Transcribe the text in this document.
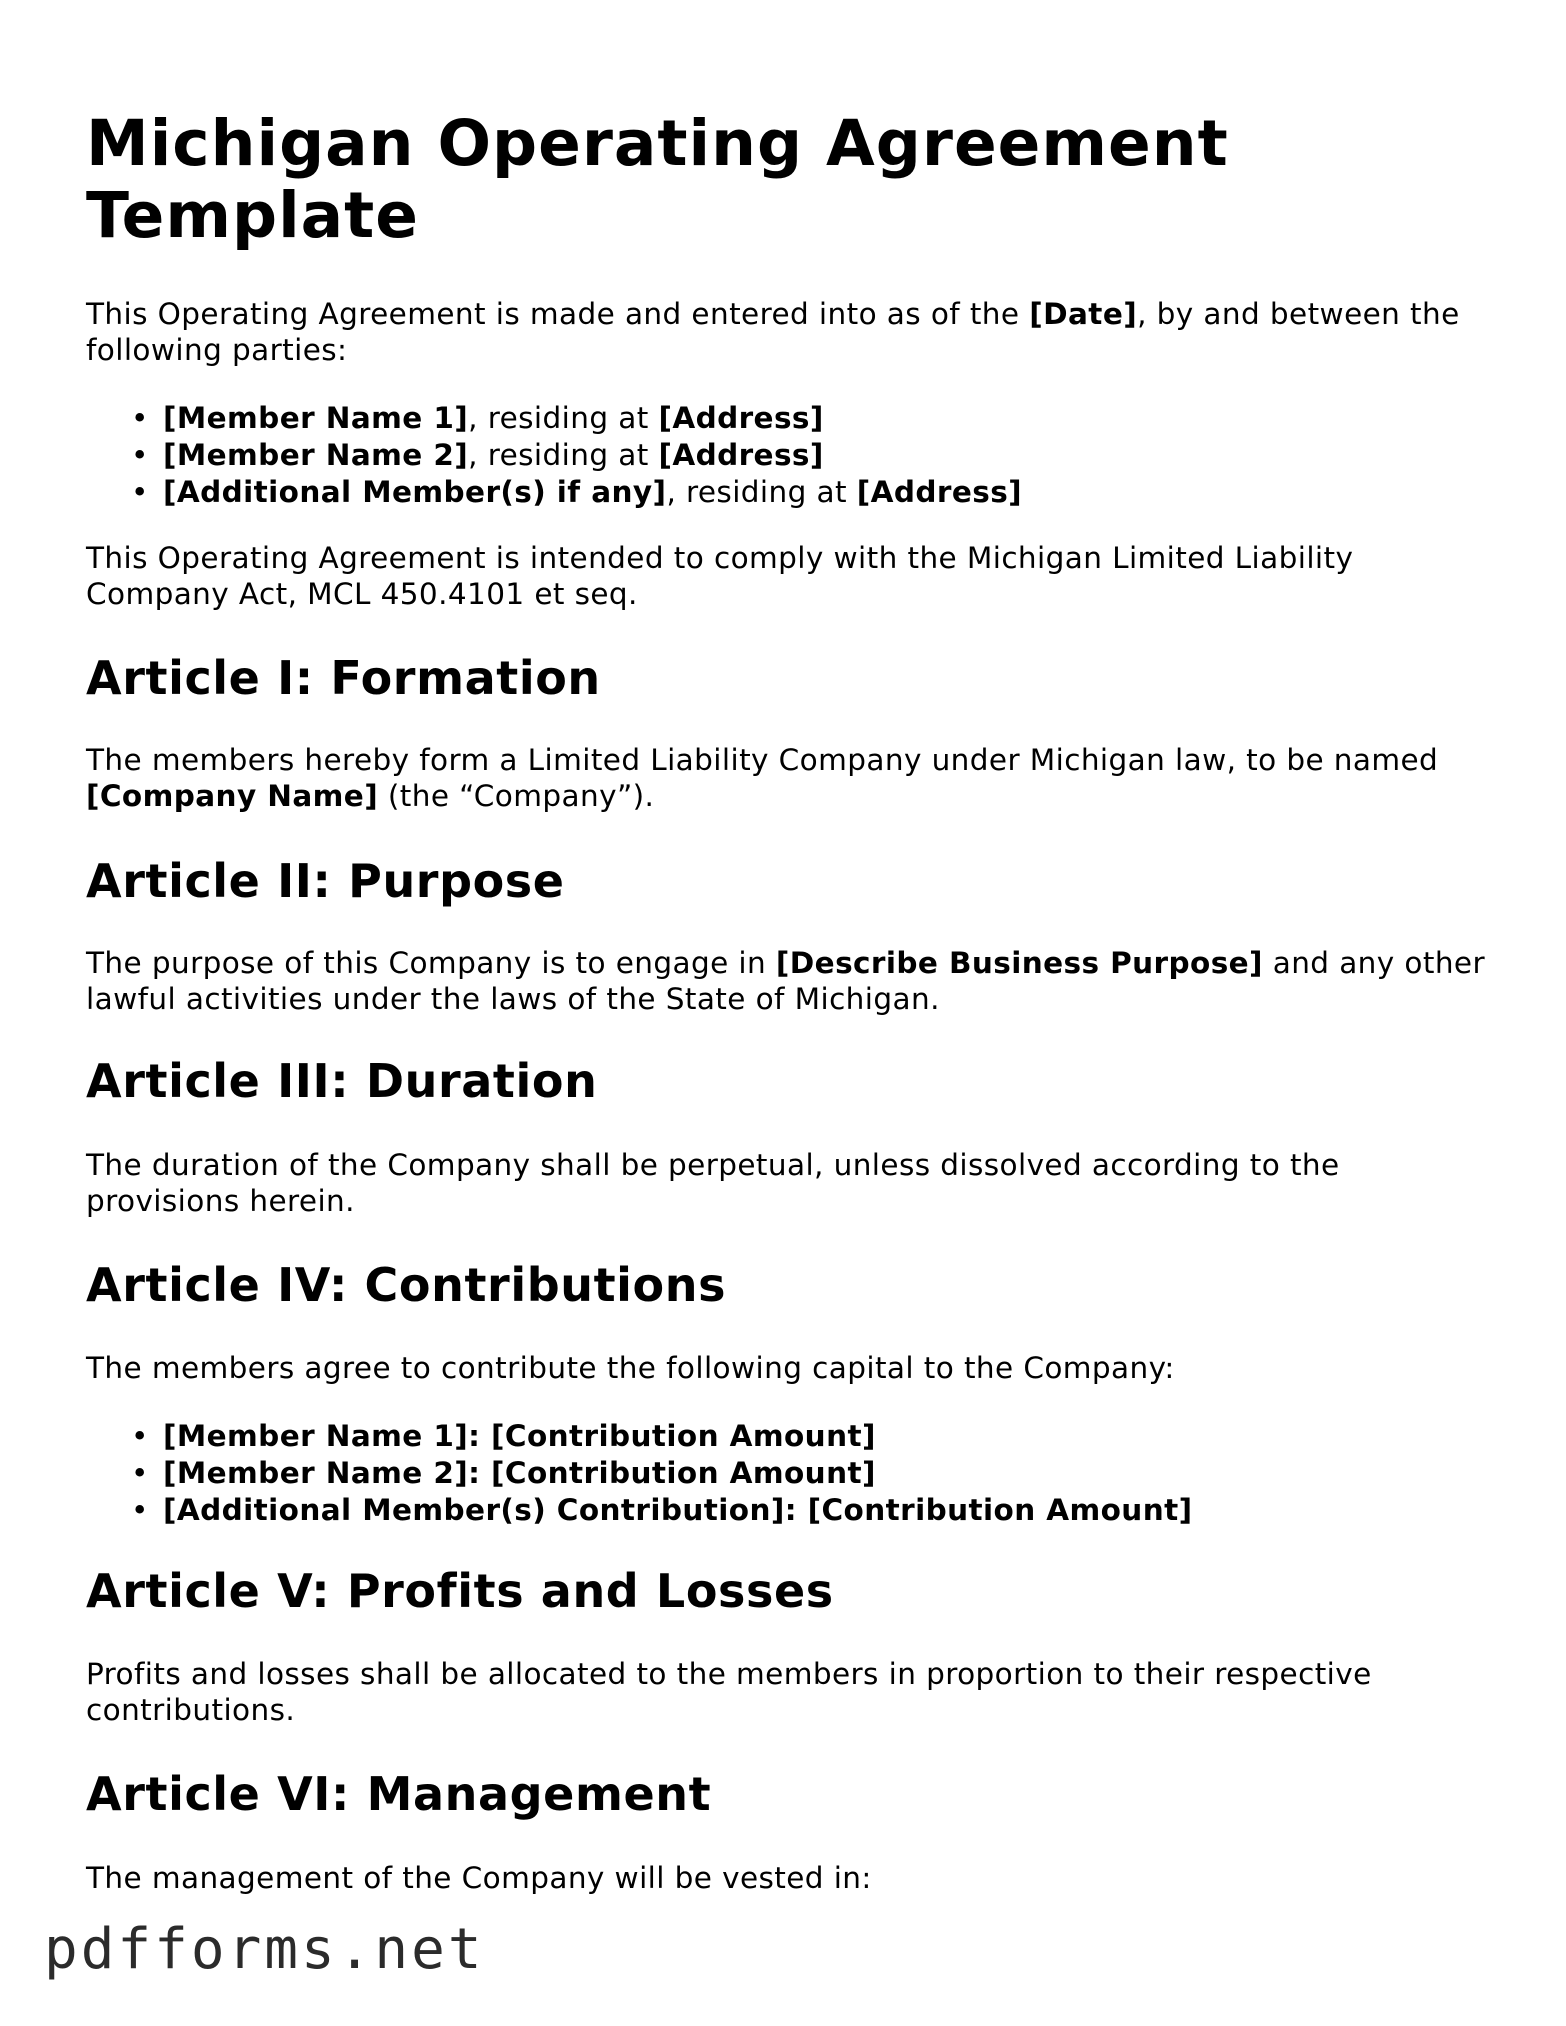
Michigan Operating Agreement Template

This Operating Agreement is made and entered into as of the [Date], by and between the following parties:

• [Member Name 1], residing at [Address]
• [Member Name 2], residing at [Address]
• [Additional Member(s) if any], residing at [Address]

This Operating Agreement is intended to comply with the Michigan Limited Liability Company Act, MCL 450.4101 et seq.

Article I: Formation

The members hereby form a Limited Liability Company under Michigan law, to be named [Company Name] (the “Company”).

Article II: Purpose

The purpose of this Company is to engage in [Describe Business Purpose] and any other lawful activities under the laws of the State of Michigan.

Article III: Duration

The duration of the Company shall be perpetual, unless dissolved according to the provisions herein.

Article IV: Contributions

The members agree to contribute the following capital to the Company:

• [Member Name 1]: [Contribution Amount]
• [Member Name 2]: [Contribution Amount]
• [Additional Member(s) Contribution]: [Contribution Amount]
Article V: Profits and Losses

Profits and losses shall be allocated to the members in proportion to their respective contributions.

Article VI: Management

The management of the Company will be vested in:

pdfforms.net
